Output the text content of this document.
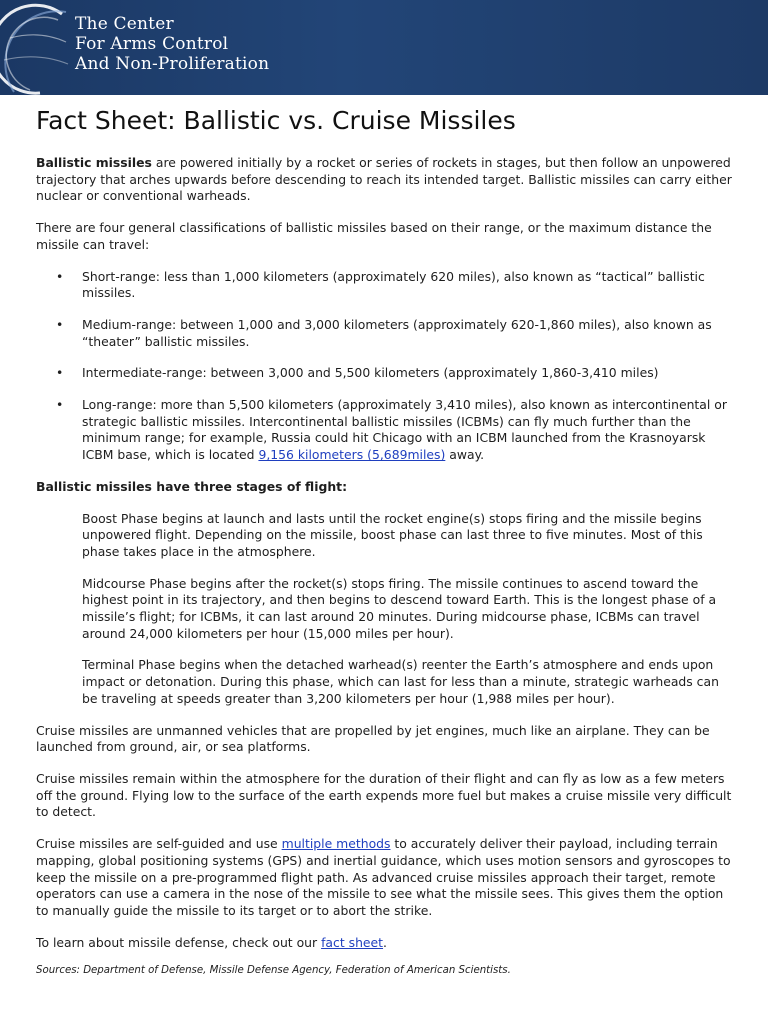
The Center
For Arms Control
And Non-Proliferation
Fact Sheet: Ballistic vs. Cruise Missiles

Ballistic missiles are powered initially by a rocket or series of rockets in stages, but then follow an unpowered trajectory that arches upwards before descending to reach its intended target. Ballistic missiles can carry either nuclear or conventional warheads.

There are four general classifications of ballistic missiles based on their range, or the maximum distance the missile can travel:

• Short-range: less than 1,000 kilometers (approximately 620 miles), also known as “tactical” ballistic missiles.
• Medium-range: between 1,000 and 3,000 kilometers (approximately 620-1,860 miles), also known as “theater” ballistic missiles.
• Intermediate-range: between 3,000 and 5,500 kilometers (approximately 1,860-3,410 miles)
• Long-range: more than 5,500 kilometers (approximately 3,410 miles), also known as intercontinental or strategic ballistic missiles. Intercontinental ballistic missiles (ICBMs) can fly much further than the minimum range; for example, Russia could hit Chicago with an ICBM launched from the Krasnoyarsk ICBM base, which is located 9,156 kilometers (5,689miles) away.

Ballistic missiles have three stages of flight:

Boost Phase begins at launch and lasts until the rocket engine(s) stops firing and the missile begins unpowered flight. Depending on the missile, boost phase can last three to five minutes. Most of this phase takes place in the atmosphere.

Midcourse Phase begins after the rocket(s) stops firing. The missile continues to ascend toward the highest point in its trajectory, and then begins to descend toward Earth. This is the longest phase of a missile’s flight; for ICBMs, it can last around 20 minutes. During midcourse phase, ICBMs can travel around 24,000 kilometers per hour (15,000 miles per hour).

Terminal Phase begins when the detached warhead(s) reenter the Earth’s atmosphere and ends upon impact or detonation. During this phase, which can last for less than a minute, strategic warheads can be traveling at speeds greater than 3,200 kilometers per hour (1,988 miles per hour).

Cruise missiles are unmanned vehicles that are propelled by jet engines, much like an airplane. They can be launched from ground, air, or sea platforms.

Cruise missiles remain within the atmosphere for the duration of their flight and can fly as low as a few meters off the ground. Flying low to the surface of the earth expends more fuel but makes a cruise missile very difficult to detect.

Cruise missiles are self-guided and use multiple methods to accurately deliver their payload, including terrain mapping, global positioning systems (GPS) and inertial guidance, which uses motion sensors and gyroscopes to keep the missile on a pre-programmed flight path. As advanced cruise missiles approach their target, remote operators can use a camera in the nose of the missile to see what the missile sees. This gives them the option to manually guide the missile to its target or to abort the strike.

To learn about missile defense, check out our fact sheet.

Sources: Department of Defense, Missile Defense Agency, Federation of American Scientists.
